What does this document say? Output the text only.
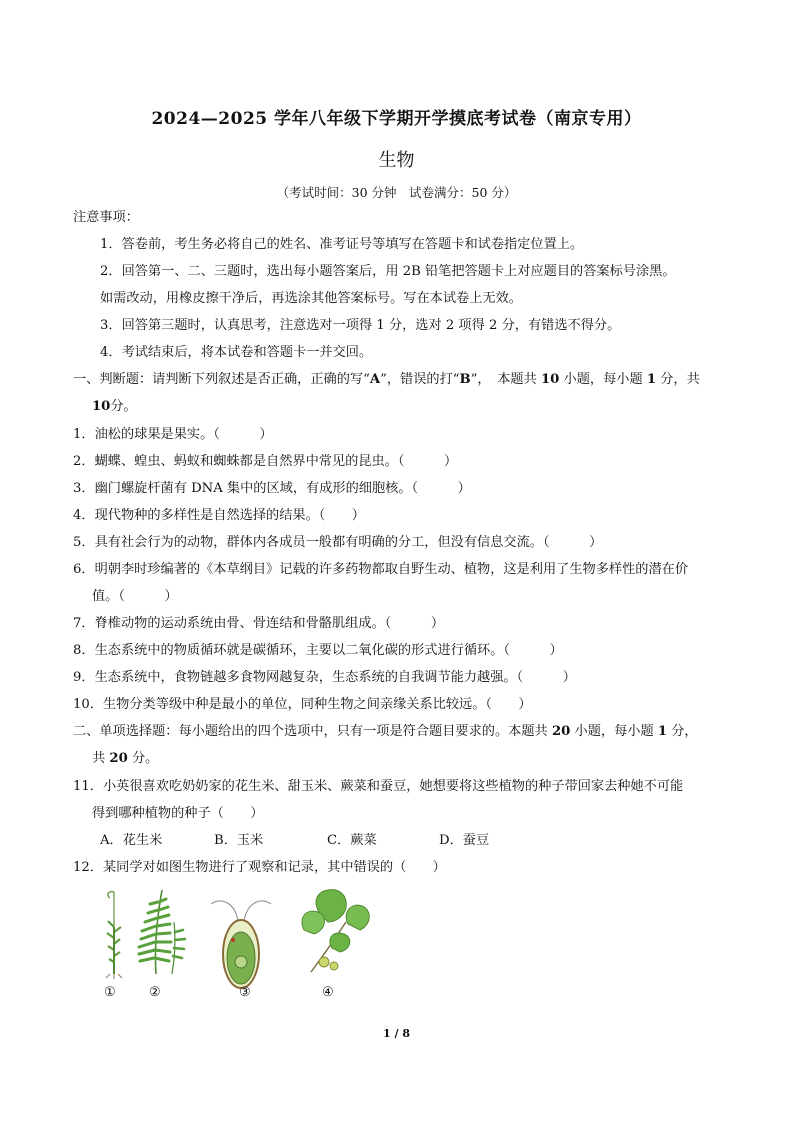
2024—2025 学年八年级下学期开学摸底考试卷（南京专用）
生物
（考试时间：30 分钟　试卷满分：50 分）
注意事项：
1．答卷前，考生务必将自己的姓名、准考证号等填写在答题卡和试卷指定位置上。
2．回答第一、二、三题时，选出每小题答案后，用 2B 铅笔把答题卡上对应题目的答案标号涂黑。
如需改动，用橡皮擦干净后，再选涂其他答案标号。写在本试卷上无效。
3．回答第三题时，认真思考，注意选对一项得 1 分，选对 2 项得 2 分，有错选不得分。
4．考试结束后，将本试卷和答题卡一并交回。
一、判断题：请判断下列叙述是否正确，正确的写“A”，错误的打“B”，　本题共 10 小题，每小题 1 分，共
10分。
1．油松的球果是果实。（　　　）
2．蝴蝶、蝗虫、蚂蚁和蜘蛛都是自然界中常见的昆虫。（　　　）
3．幽门螺旋杆菌有 DNA 集中的区域，有成形的细胞核。（　　　）
4．现代物种的多样性是自然选择的结果。（　　）
5．具有社会行为的动物，群体内各成员一般都有明确的分工，但没有信息交流。（　　　）
6．明朝李时珍编著的《本草纲目》记载的许多药物都取自野生动、植物，这是利用了生物多样性的潜在价
值。（　　　）
7．脊椎动物的运动系统由骨、骨连结和骨骼肌组成。（　　　）
8．生态系统中的物质循环就是碳循环，主要以二氧化碳的形式进行循环。（　　　）
9．生态系统中，食物链越多食物网越复杂，生态系统的自我调节能力越强。（　　　）
10．生物分类等级中种是最小的单位，同种生物之间亲缘关系比较远。（　　）
二、单项选择题：每小题给出的四个选项中，只有一项是符合题目要求的。本题共 20 小题，每小题 1 分，
共 20 分。
11．小英很喜欢吃奶奶家的花生米、甜玉米、蕨菜和蚕豆，她想要将这些植物的种子带回家去种她不可能
得到哪种植物的种子（　　）
A．花生米	B．玉米	C．蕨菜	D．蚕豆
12．某同学对如图生物进行了观察和记录，其中错误的（　　）
①	②	③	④
1 / 8
